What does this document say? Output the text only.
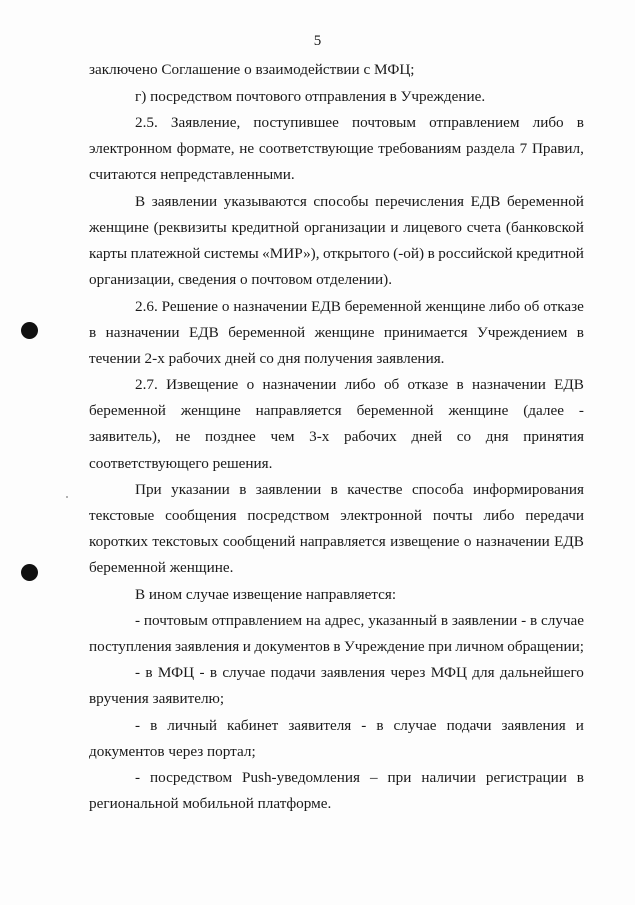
5
заключено Соглашение о взаимодействии с МФЦ;
г) посредством почтового отправления в Учреждение.
2.5. Заявление, поступившее почтовым отправлением либо в
электронном формате, не соответствующие требованиям раздела 7 Правил,
считаются непредставленными.
В заявлении указываются способы перечисления ЕДВ беременной
женщине (реквизиты кредитной организации и лицевого счета (банковской
карты платежной системы «МИР»), открытого (-ой) в российской кредитной
организации, сведения о почтовом отделении).
2.6. Решение о назначении ЕДВ беременной женщине либо об отказе
в назначении ЕДВ беременной женщине принимается Учреждением в
течении 2-х рабочих дней со дня получения заявления.
2.7. Извещение о назначении либо об отказе в назначении ЕДВ
беременной женщине направляется беременной женщине (далее -
заявитель), не позднее чем 3-х рабочих дней со дня принятия
соответствующего решения.
При указании в заявлении в качестве способа информирования
текстовые сообщения посредством электронной почты либо передачи
коротких текстовых сообщений направляется извещение о назначении ЕДВ
беременной женщине.
В ином случае извещение направляется:
- почтовым отправлением на адрес, указанный в заявлении - в случае
поступления заявления и документов в Учреждение при личном обращении;
- в МФЦ - в случае подачи заявления через МФЦ для дальнейшего
вручения заявителю;
- в личный кабинет заявителя - в случае подачи заявления и
документов через портал;
- посредством Push-уведомления – при наличии регистрации в
региональной мобильной платформе.
